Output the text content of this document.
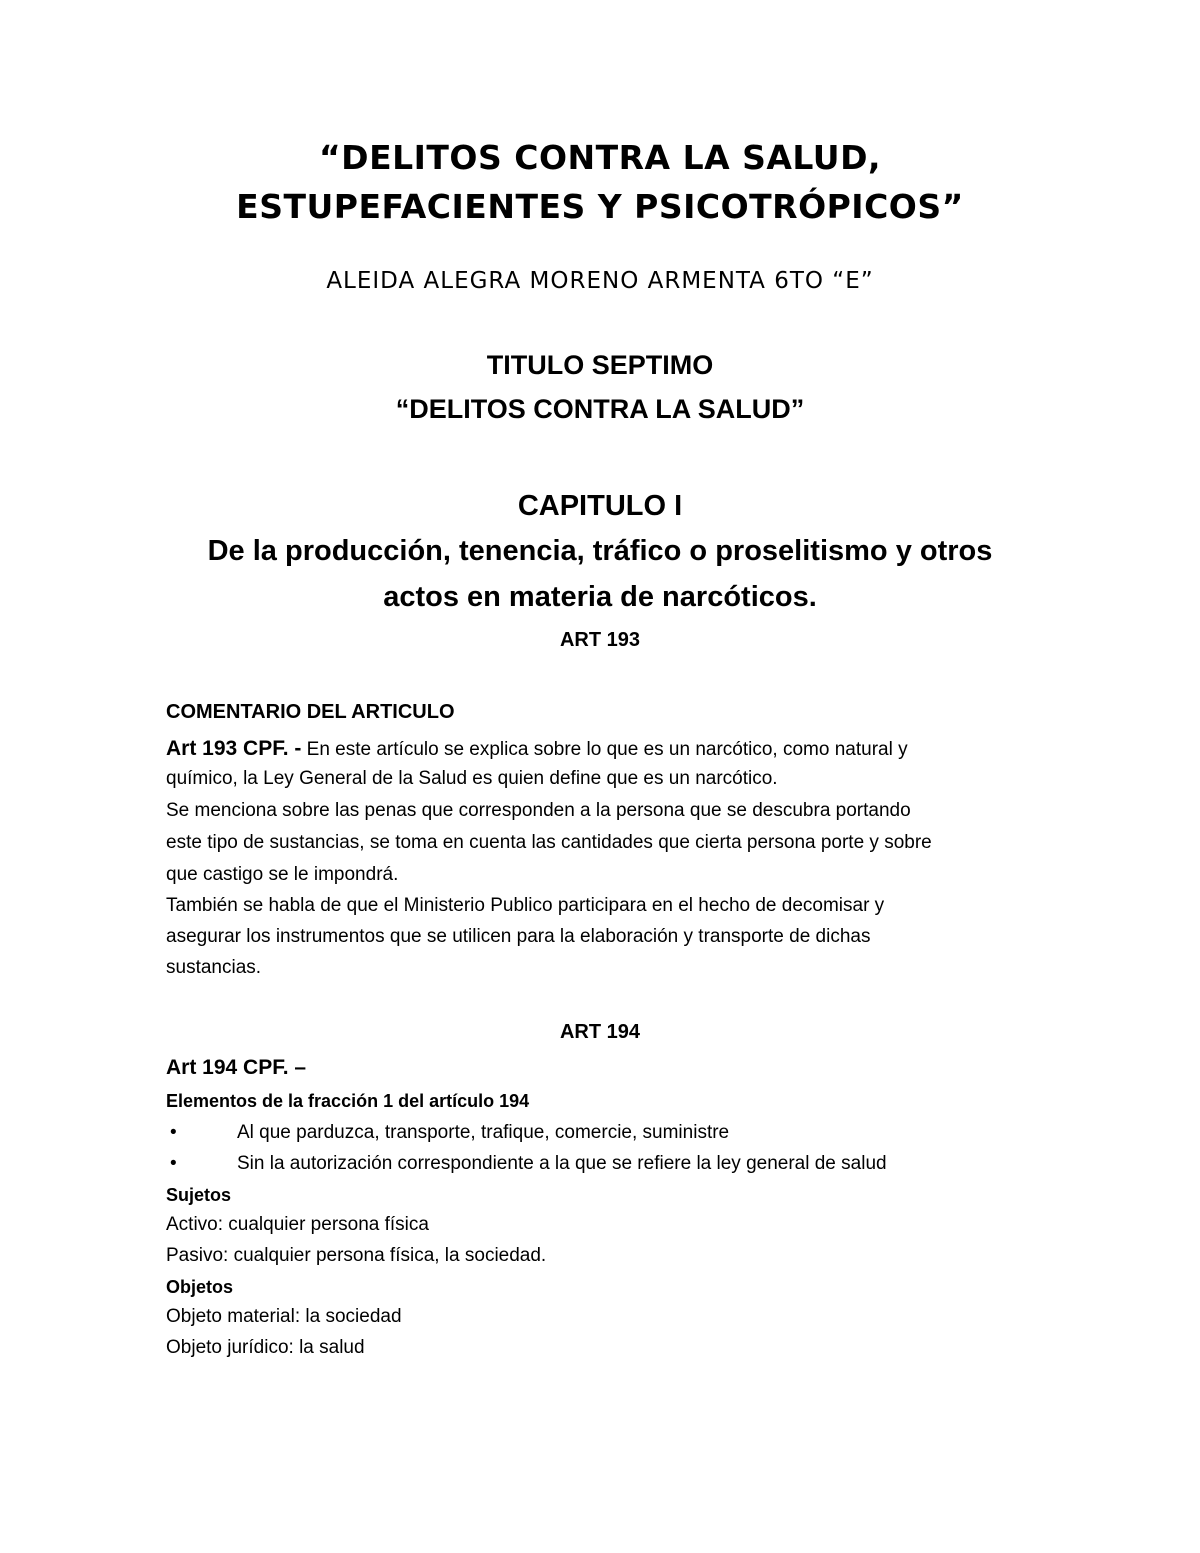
“DELITOS CONTRA LA SALUD,

ESTUPEFACIENTES Y PSICOTRÓPICOS”

ALEIDA ALEGRA MORENO ARMENTA 6TO “E”

TITULO SEPTIMO

“DELITOS CONTRA LA SALUD”

CAPITULO I

De la producción, tenencia, tráfico o proselitismo y otros

actos en materia de narcóticos.

ART 193

COMENTARIO DEL ARTICULO

Art 193 CPF. - En este artículo se explica sobre lo que es un narcótico, como natural y

químico, la Ley General de la Salud es quien define que es un narcótico.

Se menciona sobre las penas que corresponden a la persona que se descubra portando

este tipo de sustancias, se toma en cuenta las cantidades que cierta persona porte y sobre

que castigo se le impondrá.

También se habla de que el Ministerio Publico participara en el hecho de decomisar y

asegurar los instrumentos que se utilicen para la elaboración y transporte de dichas

sustancias.

ART 194

Art 194 CPF. –

Elementos de la fracción 1 del artículo 194

•	Al que parduzca, transporte, trafique, comercie, suministre
•	Sin la autorización correspondiente a la que se refiere la ley general de salud

Sujetos

Activo: cualquier persona física

Pasivo: cualquier persona física, la sociedad.

Objetos

Objeto material: la sociedad

Objeto jurídico: la salud
